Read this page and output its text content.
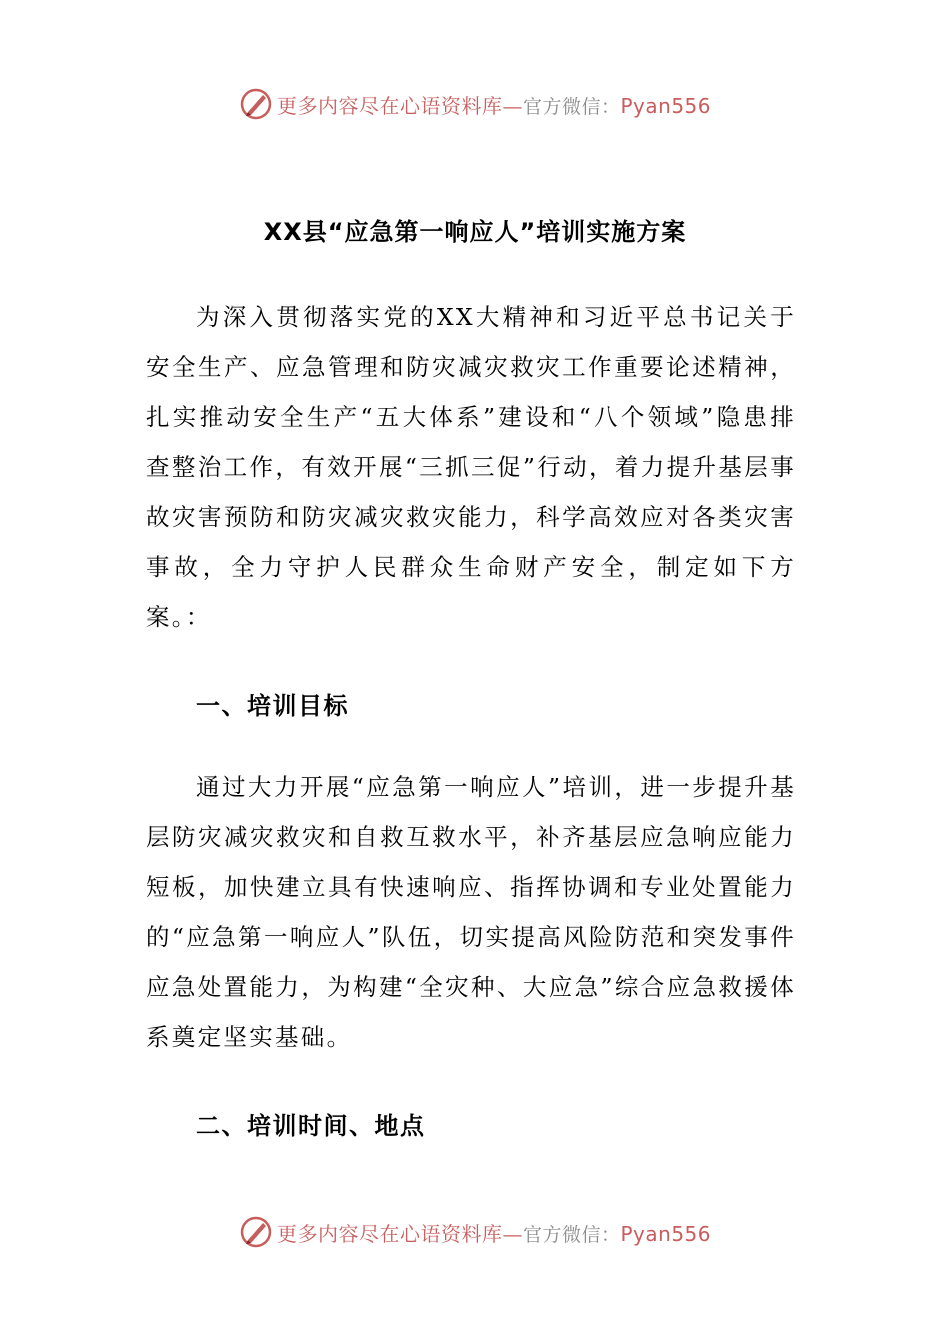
更多内容尽在心语资料库—官方微信：Pyan556
XX县“应急第一响应人”培训实施方案

为深入贯彻落实党的XX大精神和习近平总书记关于安全生产、应急管理和防灾减灾救灾工作重要论述精神，扎实推动安全生产“五大体系”建设和“八个领域”隐患排查整治工作，有效开展“三抓三促”行动，着力提升基层事故灾害预防和防灾减灾救灾能力，科学高效应对各类灾害事故，全力守护人民群众生命财产安全，制定如下方案。：

一、培训目标

通过大力开展“应急第一响应人”培训，进一步提升基层防灾减灾救灾和自救互救水平，补齐基层应急响应能力短板，加快建立具有快速响应、指挥协调和专业处置能力的“应急第一响应人”队伍，切实提高风险防范和突发事件应急处置能力，为构建“全灾种、大应急”综合应急救援体系奠定坚实基础。

二、培训时间、地点
更多内容尽在心语资料库—官方微信：Pyan556
